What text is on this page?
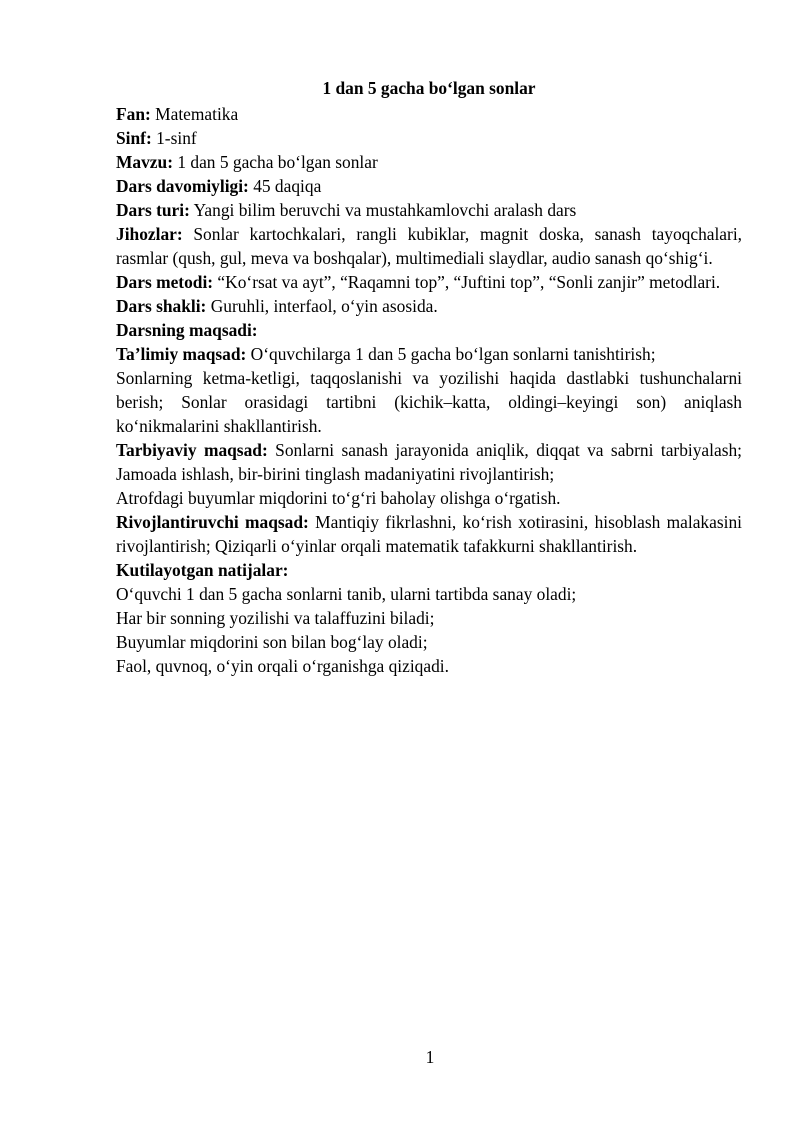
1 dan 5 gacha bo‘lgan sonlar

Fan: Matematika

Sinf: 1-sinf

Mavzu: 1 dan 5 gacha bo‘lgan sonlar

Dars davomiyligi: 45 daqiqa

Dars turi: Yangi bilim beruvchi va mustahkamlovchi aralash dars

Jihozlar: Sonlar kartochkalari, rangli kubiklar, magnit doska, sanash tayoqchalari, rasmlar (qush, gul, meva va boshqalar), multimediali slaydlar, audio sanash qo‘shig‘i.

Dars metodi: “Ko‘rsat va ayt”, “Raqamni top”, “Juftini top”, “Sonli zanjir” metodlari.

Dars shakli: Guruhli, interfaol, o‘yin asosida.

Darsning maqsadi:

Ta’limiy maqsad: O‘quvchilarga 1 dan 5 gacha bo‘lgan sonlarni tanishtirish;

Sonlarning ketma-ketligi, taqqoslanishi va yozilishi haqida dastlabki tushunchalarni berish; Sonlar orasidagi tartibni (kichik–katta, oldingi–keyingi son) aniqlash ko‘nikmalarini shakllantirish.

Tarbiyaviy maqsad: Sonlarni sanash jarayonida aniqlik, diqqat va sabrni tarbiyalash; Jamoada ishlash, bir-birini tinglash madaniyatini rivojlantirish;

Atrofdagi buyumlar miqdorini to‘g‘ri baholay olishga o‘rgatish.

Rivojlantiruvchi maqsad: Mantiqiy fikrlashni, ko‘rish xotirasini, hisoblash malakasini rivojlantirish; Qiziqarli o‘yinlar orqali matematik tafakkurni shakllantirish.

Kutilayotgan natijalar:

O‘quvchi 1 dan 5 gacha sonlarni tanib, ularni tartibda sanay oladi;

Har bir sonning yozilishi va talaffuzini biladi;

Buyumlar miqdorini son bilan bog‘lay oladi;

Faol, quvnoq, o‘yin orqali o‘rganishga qiziqadi.

1
